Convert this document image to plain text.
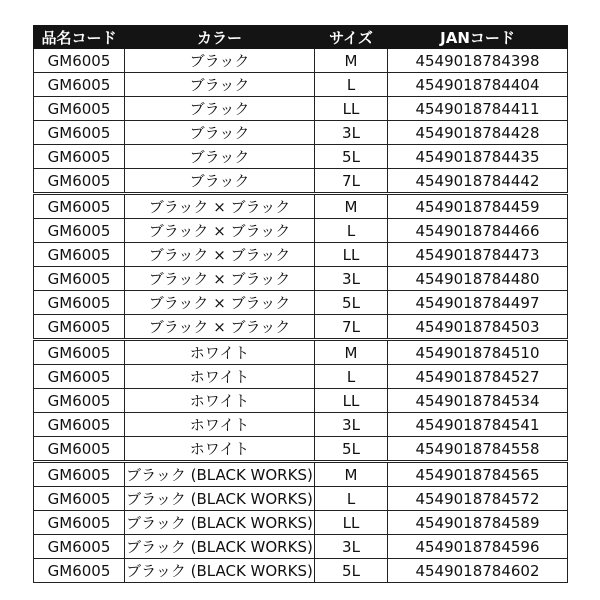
品名コード	カラー	サイズ	JANコード
GM6005	ブラック	M	4549018784398
GM6005	ブラック	L	4549018784404
GM6005	ブラック	LL	4549018784411
GM6005	ブラック	3L	4549018784428
GM6005	ブラック	5L	4549018784435
GM6005	ブラック	7L	4549018784442
GM6005	ブラック × ブラック	M	4549018784459
GM6005	ブラック × ブラック	L	4549018784466
GM6005	ブラック × ブラック	LL	4549018784473
GM6005	ブラック × ブラック	3L	4549018784480
GM6005	ブラック × ブラック	5L	4549018784497
GM6005	ブラック × ブラック	7L	4549018784503
GM6005	ホワイト	M	4549018784510
GM6005	ホワイト	L	4549018784527
GM6005	ホワイト	LL	4549018784534
GM6005	ホワイト	3L	4549018784541
GM6005	ホワイト	5L	4549018784558
GM6005	ブラック (BLACK WORKS)	M	4549018784565
GM6005	ブラック (BLACK WORKS)	L	4549018784572
GM6005	ブラック (BLACK WORKS)	LL	4549018784589
GM6005	ブラック (BLACK WORKS)	3L	4549018784596
GM6005	ブラック (BLACK WORKS)	5L	4549018784602
